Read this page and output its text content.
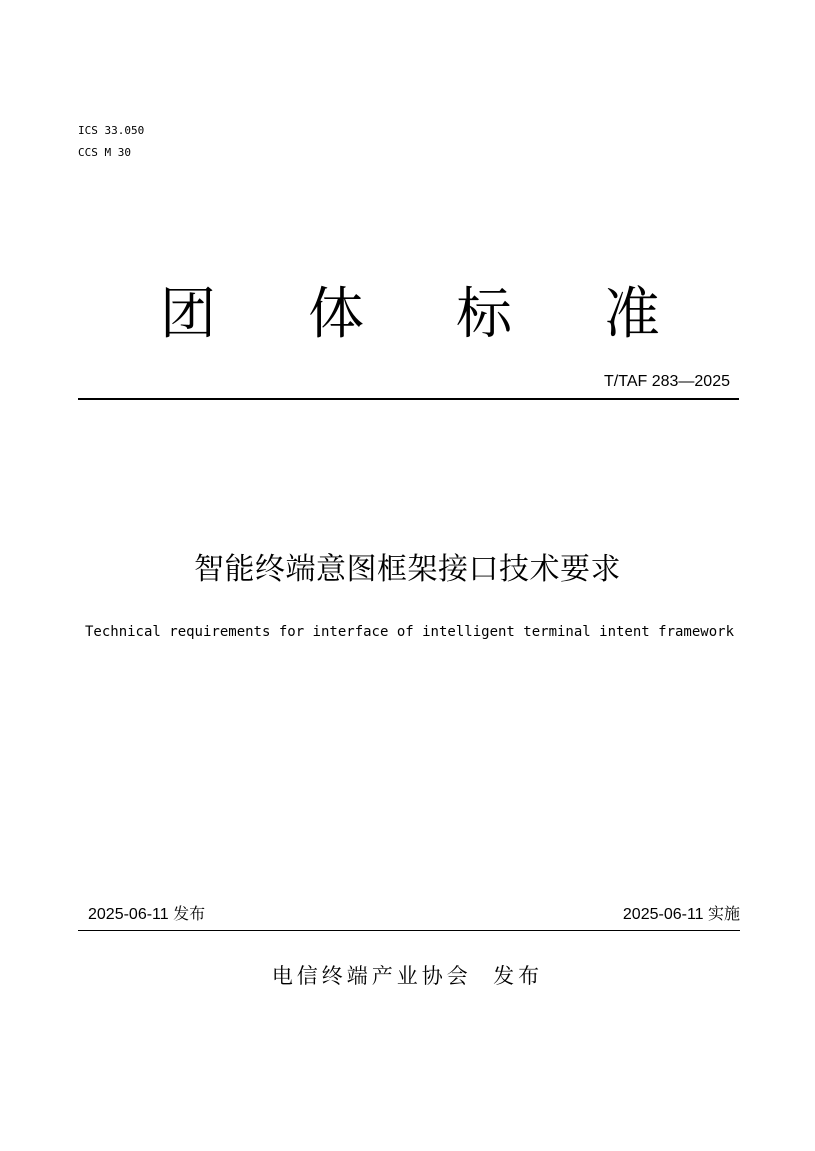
ICS 33.050
CCS M 30
团 体 标 准
T/TAF 283—2025
智能终端意图框架接口技术要求
Technical requirements for interface of intelligent terminal intent framework
2025-06-11 发布	2025-06-11 实施
电信终端产业协会  发布
